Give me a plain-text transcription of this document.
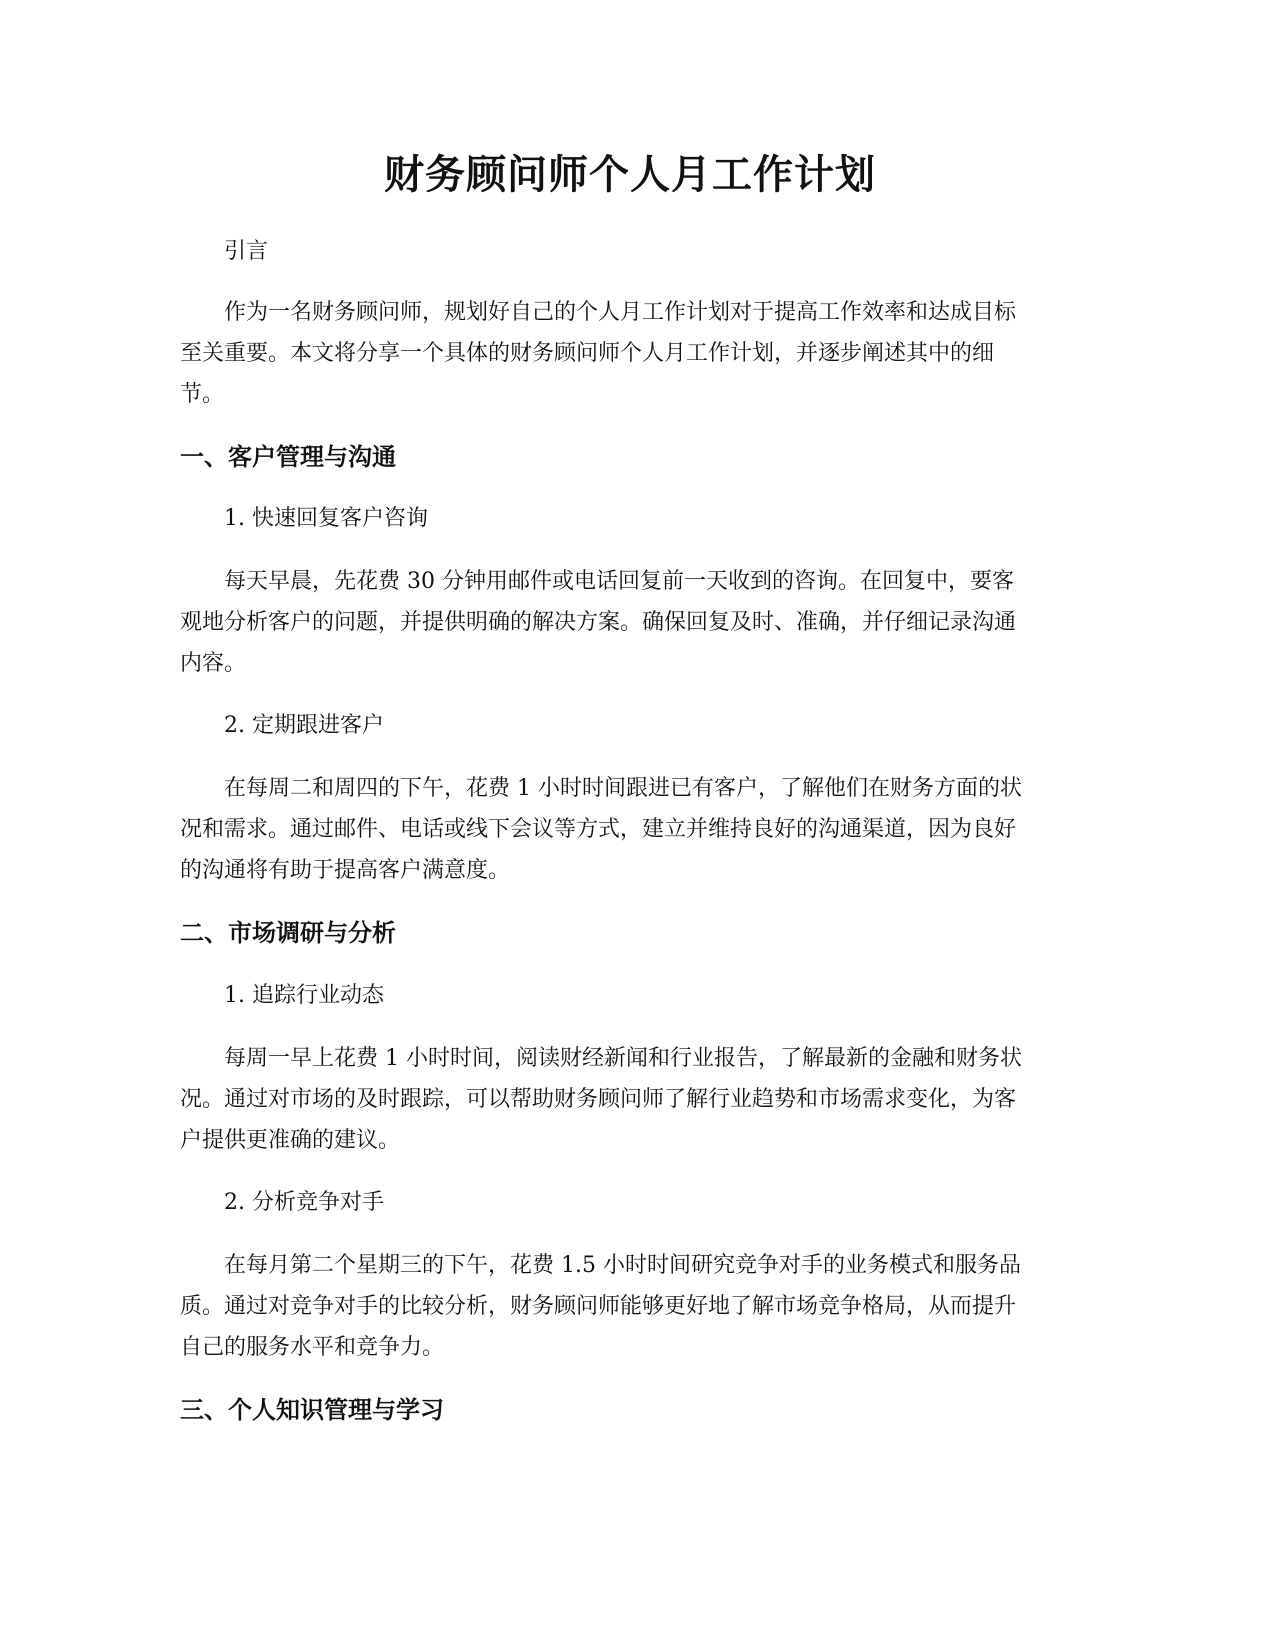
财务顾问师个人月工作计划

引言

作为一名财务顾问师，规划好自己的个人月工作计划对于提高工作效率和达成目标至关重要。本文将分享一个具体的财务顾问师个人月工作计划，并逐步阐述其中的细节。

一、客户管理与沟通

1. 快速回复客户咨询

每天早晨，先花费 30 分钟用邮件或电话回复前一天收到的咨询。在回复中，要客观地分析客户的问题，并提供明确的解决方案。确保回复及时、准确，并仔细记录沟通内容。

2. 定期跟进客户

在每周二和周四的下午，花费 1 小时时间跟进已有客户，了解他们在财务方面的状况和需求。通过邮件、电话或线下会议等方式，建立并维持良好的沟通渠道，因为良好的沟通将有助于提高客户满意度。

二、市场调研与分析

1. 追踪行业动态

每周一早上花费 1 小时时间，阅读财经新闻和行业报告，了解最新的金融和财务状况。通过对市场的及时跟踪，可以帮助财务顾问师了解行业趋势和市场需求变化，为客户提供更准确的建议。

2. 分析竞争对手

在每月第二个星期三的下午，花费 1.5 小时时间研究竞争对手的业务模式和服务品质。通过对竞争对手的比较分析，财务顾问师能够更好地了解市场竞争格局，从而提升自己的服务水平和竞争力。

三、个人知识管理与学习
